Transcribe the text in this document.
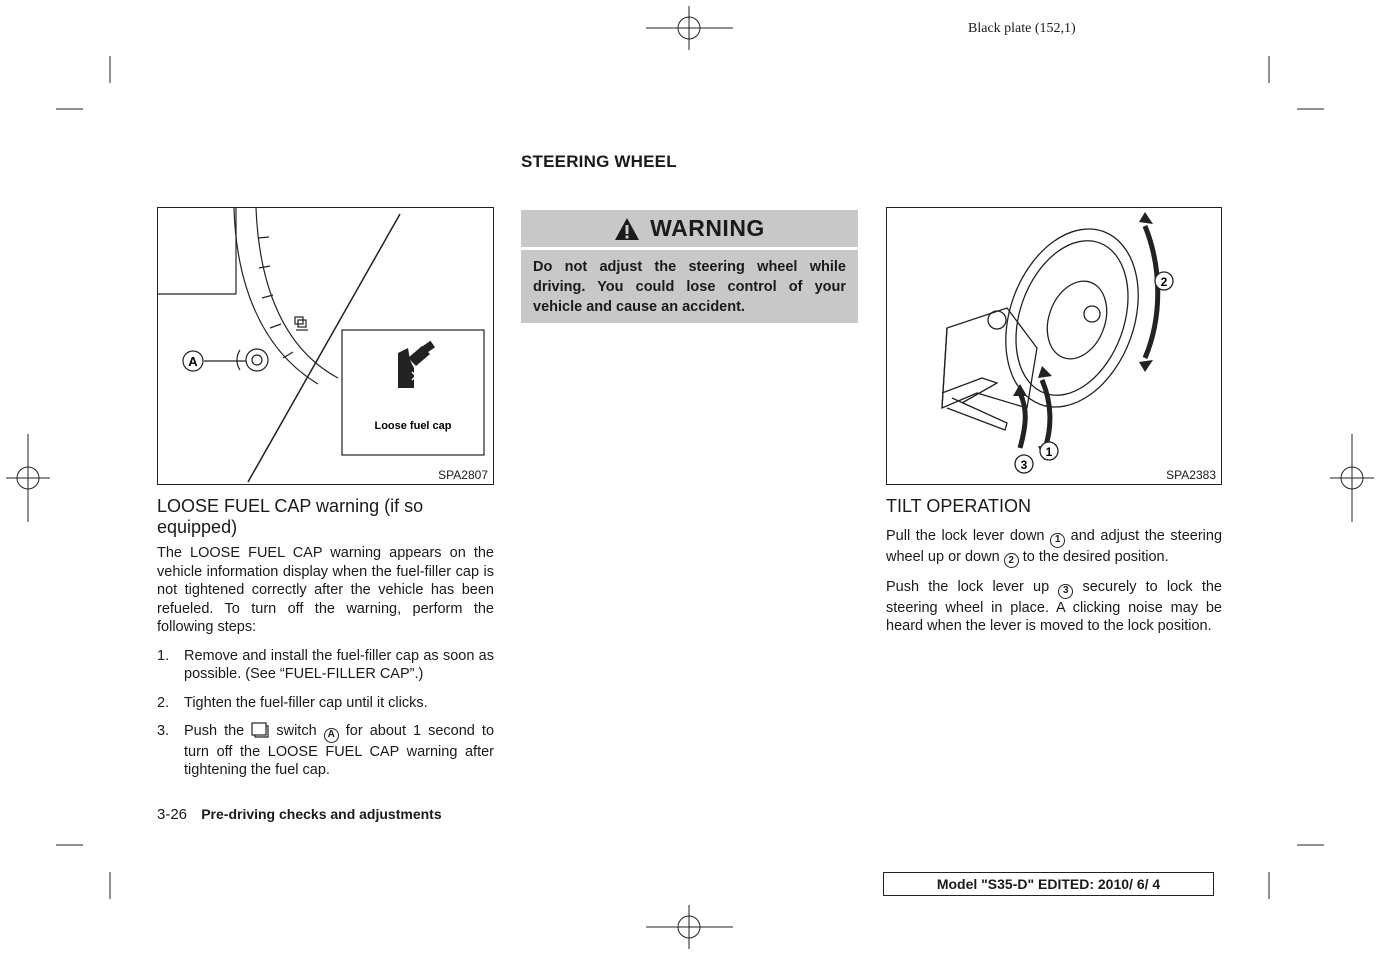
Black plate (152,1)
STEERING WHEEL
A
Loose fuel cap
SPA2807
LOOSE FUEL CAP warning (if so equipped)
The LOOSE FUEL CAP warning appears on the vehicle information display when the fuel-filler cap is not tightened correctly after the vehicle has been refueled. To turn off the warning, perform the following steps:
1. Remove and install the fuel-filler cap as soon as possible. (See “FUEL-FILLER CAP”.)
2. Tighten the fuel-filler cap until it clicks.
3. Push the switch A for about 1 second to turn off the LOOSE FUEL CAP warning after tightening the fuel cap.
WARNING
Do not adjust the steering wheel while driving. You could lose control of your vehicle and cause an accident.
2
1
3
SPA2383
TILT OPERATION
Pull the lock lever down 1 and adjust the steering wheel up or down 2 to the desired position.
Push the lock lever up 3 securely to lock the steering wheel in place. A clicking noise may be heard when the lever is moved to the lock position.
3-26 Pre-driving checks and adjustments
Model "S35-D" EDITED: 2010/ 6/ 4
